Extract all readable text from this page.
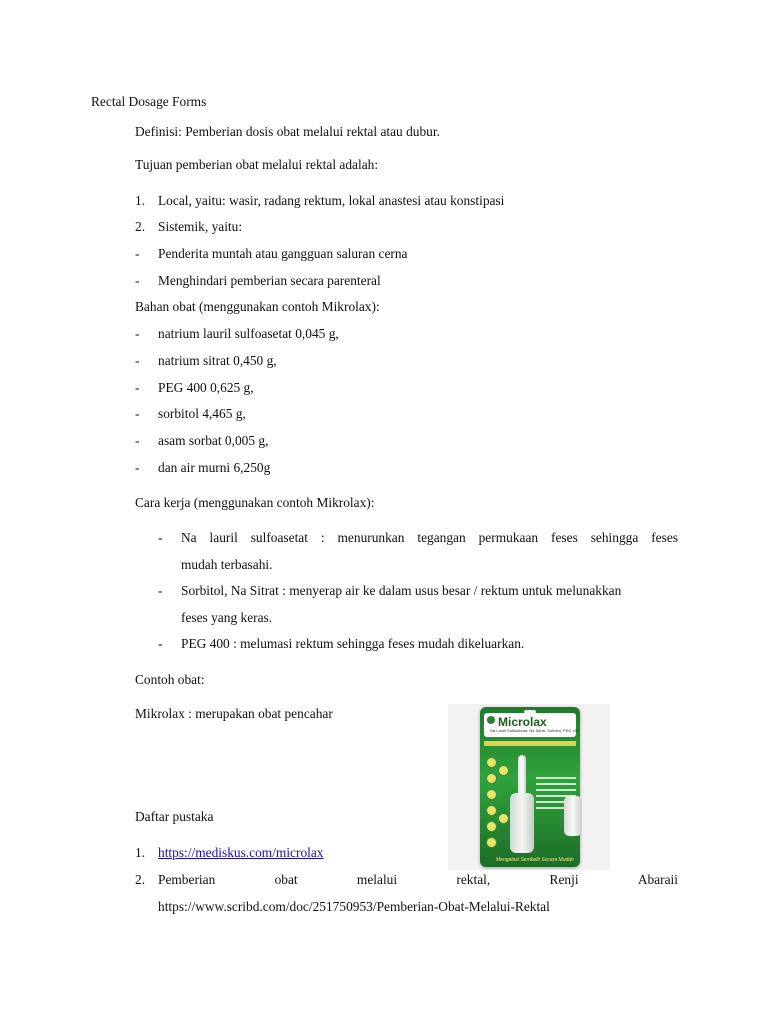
Rectal Dosage Forms
Definisi: Pemberian dosis obat melalui rektal atau dubur.
Tujuan pemberian obat melalui rektal adalah:
1. Local, yaitu: wasir, radang rektum, lokal anastesi atau konstipasi
2. Sistemik, yaitu:
-	Penderita muntah atau gangguan saluran cerna
-	Menghindari pemberian secara parenteral
Bahan obat (menggunakan contoh Mikrolax):
-	natrium lauril sulfoasetat 0,045 g,
-	natrium sitrat 0,450 g,
-	PEG 400 0,625 g,
-	sorbitol 4,465 g,
-	asam sorbat 0,005 g,
-	dan air murni 6,250g
Cara kerja (menggunakan contoh Mikrolax):
-	Na lauril sulfoasetat : menurunkan tegangan permukaan feses sehingga feses
mudah terbasahi.
-	Sorbitol, Na Sitrat : menyerap air ke dalam usus besar / rektum untuk melunakkan
feses yang keras.
-	PEG 400 : melumasi rektum sehingga feses mudah dikeluarkan.
Contoh obat:
Mikrolax : merupakan obat pencahar
Microlax
Na Lauril Sulfoasetat, Na Sitrat, Sorbitol, PEG 400
Mengatasi Sembelit Secara Mudah
Daftar pustaka
1. https://mediskus.com/microlax
2. Pemberian	obat	melalui	rektal,	Renji	Abaraii
https://www.scribd.com/doc/251750953/Pemberian-Obat-Melalui-Rektal
